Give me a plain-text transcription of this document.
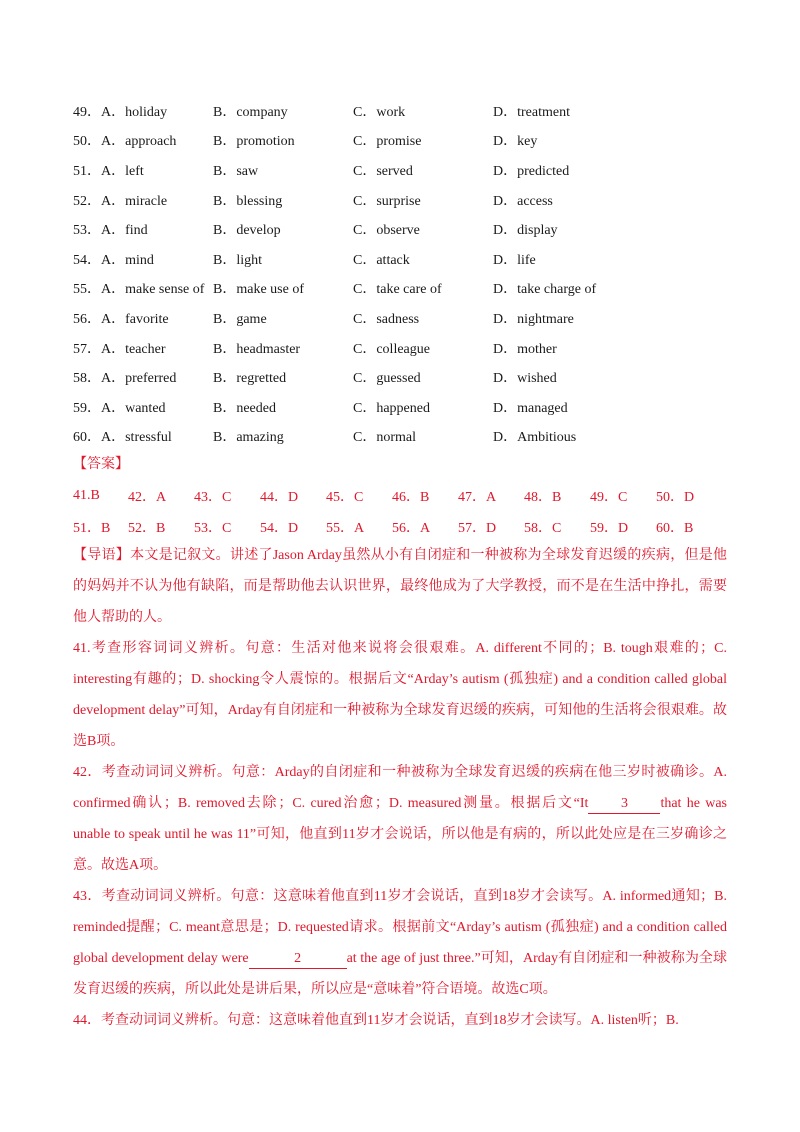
49． A．holiday	B．company	C．work	D．treatment
50． A．approach	B．promotion	C．promise	D．key
51． A．left	B．saw	C．served	D．predicted
52． A．miracle	B．blessing	C．surprise	D．access
53． A．find	B．develop	C．observe	D．display
54． A．mind	B．light	C．attack	D．life
55． A．make sense of B．make use of	C．take care of	D．take charge of
56． A．favorite	B．game	C．sadness	D．nightmare
57． A．teacher	B．headmaster	C．colleague	D．mother
58． A．preferred	B．regretted	C．guessed	D．wished
59． A．wanted	B．needed	C．happened	D．managed
60． A．stressful	B．amazing	C．normal	D．Ambitious
【答案】
41.B	42．A	43．C	44．D	45．C	46．B	47．A	48．B	49．C	50．D
51．B	52．B	53．C	54．D	55．A	56．A	57．D	58．C	59．D	60．B
【导语】本文是记叙文。讲述了Jason Arday虽然从小有自闭症和一种被称为全球发育迟缓的疾病，但是他的妈妈并不认为他有缺陷，而是帮助他去认识世界，最终他成为了大学教授，而不是在生活中挣扎，需要他人帮助的人。
41.考查形容词词义辨析。句意：生活对他来说将会很艰难。A. different不同的；B. tough艰难的；C. interesting有趣的；D. shocking令人震惊的。根据后文“Arday’s autism (孤独症) and a condition called global development delay”可知，Arday有自闭症和一种被称为全球发育迟缓的疾病，可知他的生活将会很艰难。故选B项。
42．考查动词词义辨析。句意：Arday的自闭症和一种被称为全球发育迟缓的疾病在他三岁时被确诊。A. confirmed确认；B. removed去除；C. cured治愈；D. measured测量。根据后文“It 3 that he was unable to speak until he was 11”可知，他直到11岁才会说话，所以他是有病的，所以此处应是在三岁确诊之意。故选A项。
43．考查动词词义辨析。句意：这意味着他直到11岁才会说话，直到18岁才会读写。A. informed通知；B. reminded提醒；C. meant意思是；D. requested请求。根据前文“Arday’s autism (孤独症) and a condition called global development delay were	2	at the age of just three.”可知，Arday有自闭症和一种被称为全球发育迟缓的疾病，所以此处是讲后果，所以应是“意味着”符合语境。故选C项。
44．考查动词词义辨析。句意：这意味着他直到11岁才会说话，直到18岁才会读写。A. listen听；B.
